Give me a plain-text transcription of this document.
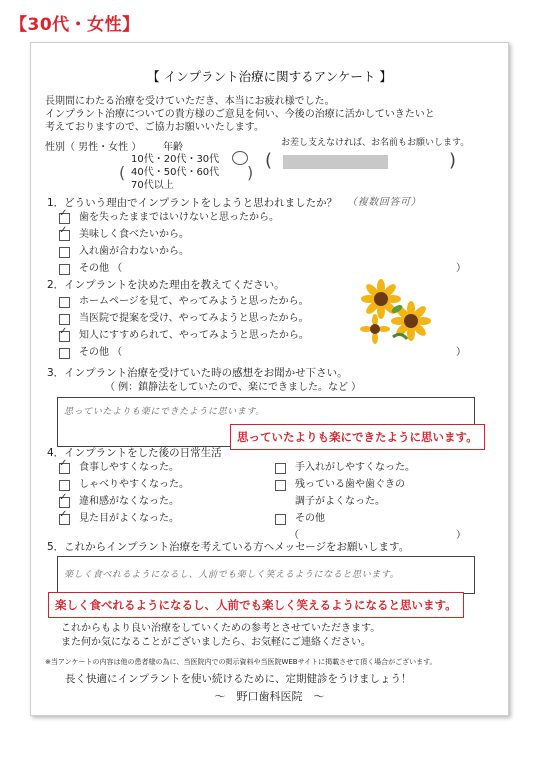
【30代・女性】
【 インプラント治療に関するアンケート 】
長期間にわたる治療を受けていただき、本当にお疲れ様でした。
インプラント治療についての貴方様のご意見を伺い、今後の治療に活かしていきたいと
考えておりますので、ご協力お願いいたします。
性別（ 男性・女性 ） 年齢	お差し支えなければ、お名前もお願いします。
(
10代・20代・30代
40代・50代・60代
70代以上
)
(	)
1．どういう理由でインプラントをしようと思われましたか？ （複数回答可）
✓ 歯を失ったままではいけないと思ったから。
✓ 美味しく食べたいから。
入れ歯が合わないから。
その他 （	）
2．インプラントを決めた理由を教えてください。
ホームページを見て、やってみようと思ったから。
当医院で提案を受け、やってみようと思ったから。
✓ 知人にすすめられて、やってみようと思ったから。
その他 （	）
3．インプラント治療を受けていた時の感想をお聞かせ下さい。
（ 例：鎮静法をしていたので、楽にできました。など ）
思っていたよりも楽にできたように思います。
4．インプラントをした後の日常生活
✓ 食事しやすくなった。
しゃべりやすくなった。
✓ 違和感がなくなった。
✓ 見た目がよくなった。
手入れがしやすくなった。
残っている歯や歯ぐきの
調子がよくなった。
その他
（	）
5．これからインプラント治療を考えている方へメッセージをお願いします。
楽しく食べれるようになるし、人前でも楽しく笑えるようになると思います。
これからもより良い治療をしていくための参考とさせていただきます。
また何か気になることがございましたら、お気軽にご連絡ください。
※当アンケートの内容は他の患者様の為に、当医院内での掲示資料や当医院WEBサイトに掲載させて頂く場合がございます。
長く快適にインプラントを使い続けるために、定期健診をうけましょう！
〜　野口歯科医院　〜
思っていたよりも楽にできたように思います。
楽しく食べれるようになるし、人前でも楽しく笑えるようになると思います。
